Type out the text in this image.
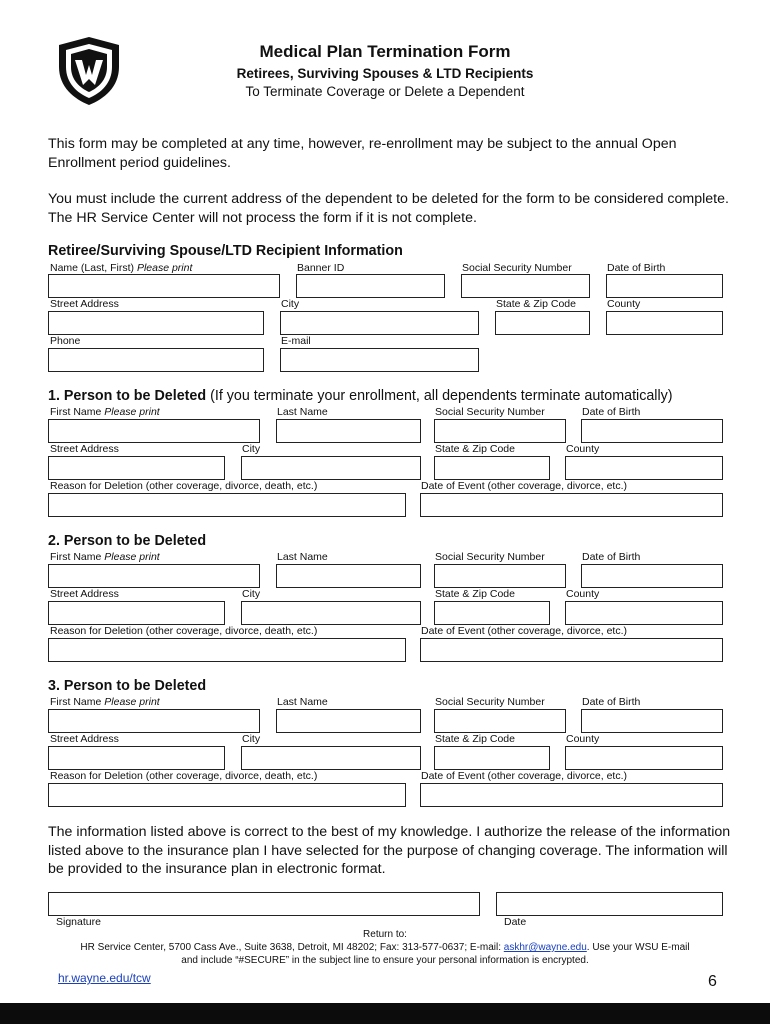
Medical Plan Termination Form
Retirees, Surviving Spouses & LTD Recipients
To Terminate Coverage or Delete a Dependent
This form may be completed at any time, however, re-enrollment may be subject to the annual Open Enrollment period guidelines.
You must include the current address of the dependent to be deleted for the form to be considered complete. The HR Service Center will not process the form if it is not complete.
Retiree/Surviving Spouse/LTD Recipient Information
Name (Last, First) Please print	Banner ID	Social Security Number	Date of Birth
Street Address	City	State & Zip Code	County
Phone	E-mail
1. Person to be Deleted (If you terminate your enrollment, all dependents terminate automatically)
First Name Please print	Last Name	Social Security Number	Date of Birth
Street Address	City	State & Zip Code	County
Reason for Deletion (other coverage, divorce, death, etc.)	Date of Event (other coverage, divorce, etc.)
2. Person to be Deleted
First Name Please print	Last Name	Social Security Number	Date of Birth
Street Address	City	State & Zip Code	County
Reason for Deletion (other coverage, divorce, death, etc.)	Date of Event (other coverage, divorce, etc.)
3. Person to be Deleted
First Name Please print	Last Name	Social Security Number	Date of Birth
Street Address	City	State & Zip Code	County
Reason for Deletion (other coverage, divorce, death, etc.)	Date of Event (other coverage, divorce, etc.)
The information listed above is correct to the best of my knowledge. I authorize the release of the information listed above to the insurance plan I have selected for the purpose of changing coverage. The information will be provided to the insurance plan in electronic format.
Signature	Date
Return to:
HR Service Center, 5700 Cass Ave., Suite 3638, Detroit, MI 48202; Fax: 313-577-0637; E-mail: askhr@wayne.edu. Use your WSU E-mail
and include “#SECURE” in the subject line to ensure your personal information is encrypted.
hr.wayne.edu/tcw	6
